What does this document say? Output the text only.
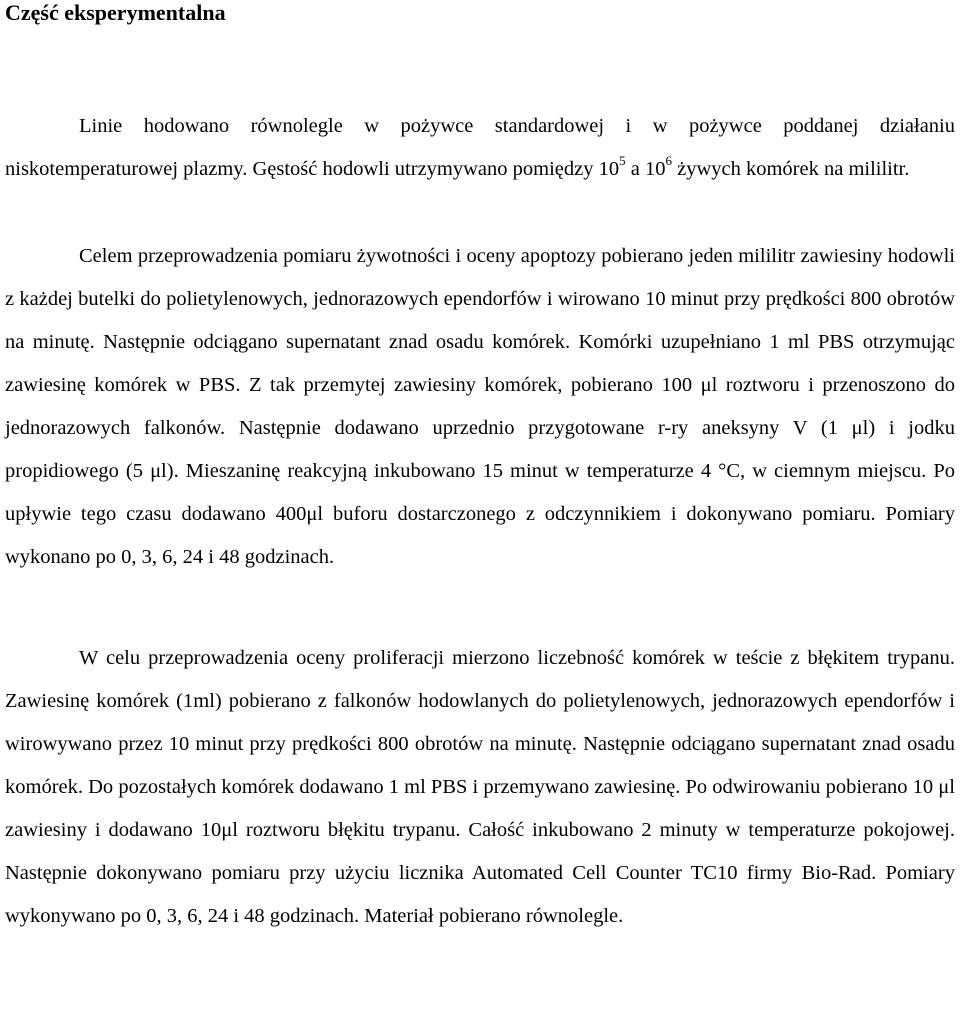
Część eksperymentalna

Linie hodowano równolegle w pożywce standardowej i w pożywce poddanej działaniu niskotemperaturowej plazmy. Gęstość hodowli utrzymywano pomiędzy $10^5$ a $10^6$ żywych komórek na mililitr.

Celem przeprowadzenia pomiaru żywotności i oceny apoptozy pobierano jeden mililitr zawiesiny hodowli z każdej butelki do polietylenowych, jednorazowych ependorfów i wirowano 10 minut przy prędkości 800 obrotów na minutę. Następnie odciągano supernatant znad osadu komórek. Komórki uzupełniano 1 ml PBS otrzymując zawiesinę komórek w PBS. Z tak przemytej zawiesiny komórek, pobierano 100 μl roztworu i przenoszono do jednorazowych falkonów. Następnie dodawano uprzednio przygotowane r-ry aneksyny V (1 μl) i jodku propidiowego (5 μl). Mieszaninę reakcyjną inkubowano 15 minut w temperaturze 4 °C, w ciemnym miejscu. Po upływie tego czasu dodawano 400μl buforu dostarczonego z odczynnikiem i dokonywano pomiaru. Pomiary wykonano po 0, 3, 6, 24 i 48 godzinach.

W celu przeprowadzenia oceny proliferacji mierzono liczebność komórek w teście z błękitem trypanu. Zawiesinę komórek (1ml) pobierano z falkonów hodowlanych do polietylenowych, jednorazowych ependorfów i wirowywano przez 10 minut przy prędkości 800 obrotów na minutę. Następnie odciągano supernatant znad osadu komórek. Do pozostałych komórek dodawano 1 ml PBS i przemywano zawiesinę. Po odwirowaniu pobierano 10 μl zawiesiny i dodawano 10μl roztworu błękitu trypanu. Całość inkubowano 2 minuty w temperaturze pokojowej. Następnie dokonywano pomiaru przy użyciu licznika Automated Cell Counter TC10 firmy Bio-Rad. Pomiary wykonywano po 0, 3, 6, 24 i 48 godzinach. Materiał pobierano równolegle.
